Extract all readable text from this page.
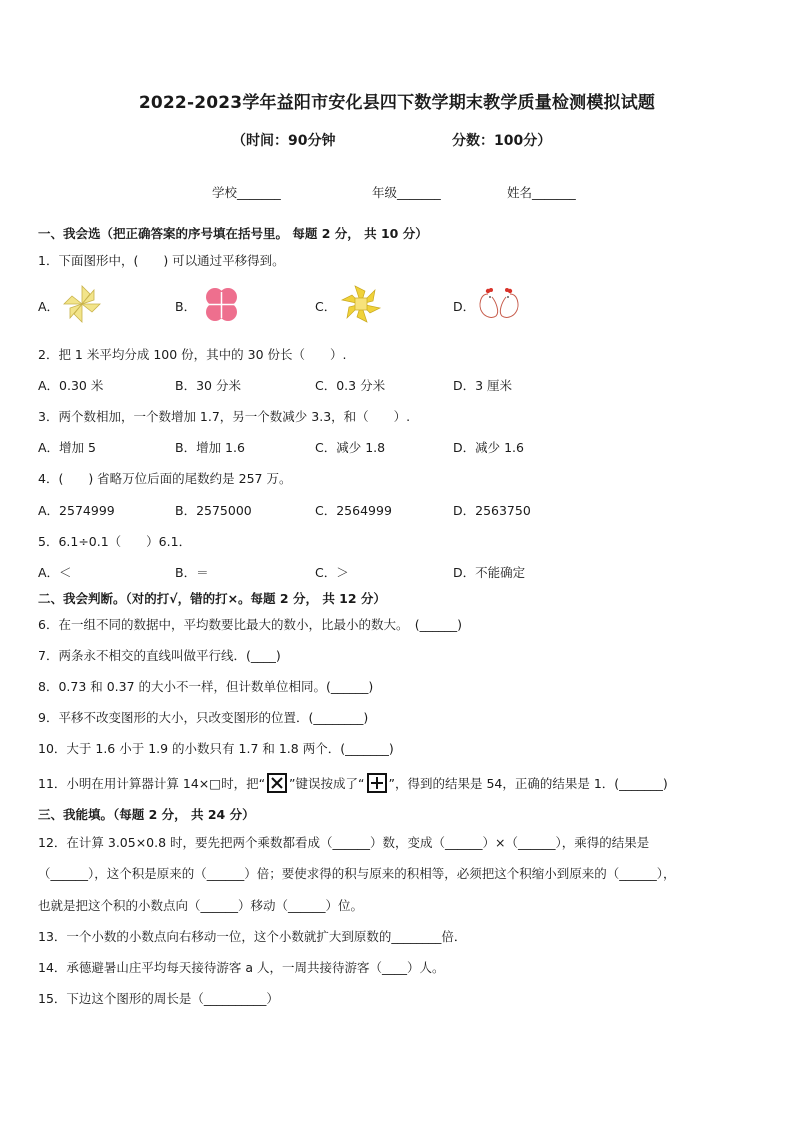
2022-2023学年益阳市安化县四下数学期末教学质量检测模拟试题
（时间：90分钟	分数：100分）
学校_______	年级_______	姓名_______
一、我会选（把正确答案的序号填在括号里。 每题 2 分， 共 10 分）
1．下面图形中，(　　) 可以通过平移得到。
A．	B．	C．	D．
2．把 1 米平均分成 100 份，其中的 30 份长（　　）.
A．0.30 米	B．30 分米	C．0.3 分米	D．3 厘米
3．两个数相加，一个数增加 1.7，另一个数减少 3.3，和（　　）.
A．增加 5	B．增加 1.6	C．减少 1.8	D．减少 1.6
4．(　　) 省略万位后面的尾数约是 257 万。
A．2574999	B．2575000	C．2564999	D．2563750
5．6.1÷0.1（　　）6.1．
A．＜	B．＝	C．＞	D．不能确定
二、我会判断。（对的打√，错的打×。每题 2 分， 共 12 分）
6．在一组不同的数据中，平均数要比最大的数小，比最小的数大。　(______)
7．两条永不相交的直线叫做平行线．(____)
8．0.73 和 0.37 的大小不一样，但计数单位相同。(______)
9．平移不改变图形的大小，只改变图形的位置．(________)
10．大于 1.6 小于 1.9 的小数只有 1.7 和 1.8 两个．(_______)
11．小明在用计算器计算 14×□时，把“ ”键误按成了“ ”，得到的结果是 54，正确的结果是 1．(_______)
三、我能填。（每题 2 分， 共 24 分）
12．在计算 3.05×0.8 时，要先把两个乘数都看成（______）数，变成（______）×（______），乘得的结果是
（______），这个积是原来的（______）倍；要使求得的积与原来的积相等，必须把这个积缩小到原来的（______），
也就是把这个积的小数点向（______）移动（______）位。
13．一个小数的小数点向右移动一位，这个小数就扩大到原数的________倍．
14．承德避暑山庄平均每天接待游客 a 人，一周共接待游客（____）人。
15．下边这个图形的周长是（__________）
